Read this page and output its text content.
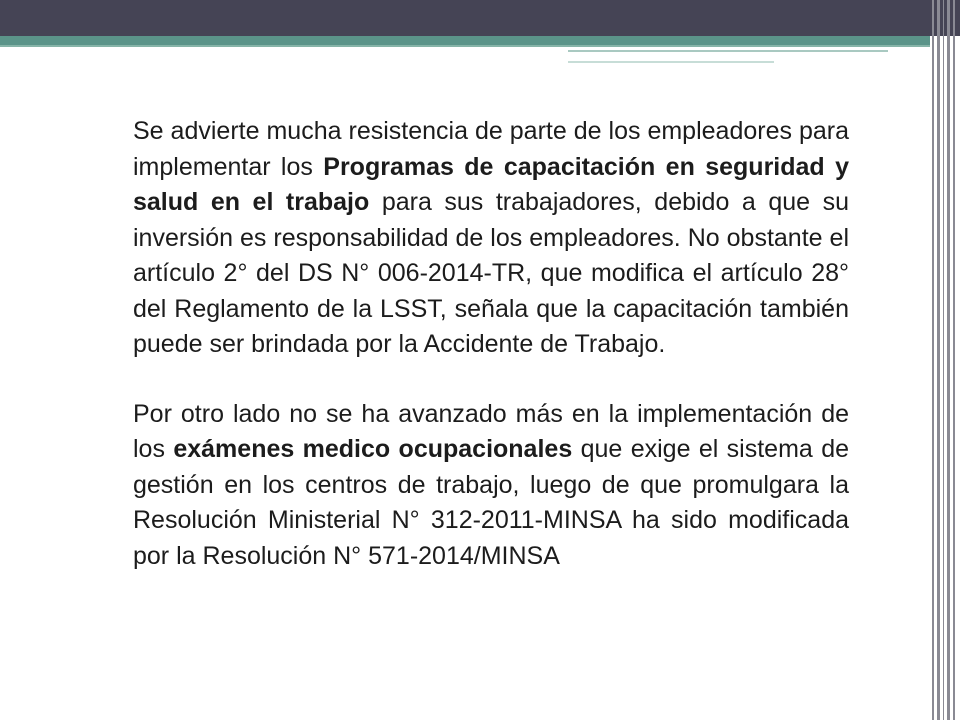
Se advierte mucha resistencia de parte de los empleadores para implementar los Programas de capacitación en seguridad y salud en el trabajo para sus trabajadores, debido a que su inversión es responsabilidad de los empleadores. No obstante el artículo 2° del DS N° 006-2014-TR, que modifica el artículo 28° del Reglamento de la LSST, señala que la capacitación también puede ser brindada por la Accidente de Trabajo.

Por otro lado no se ha avanzado más en la implementación de los exámenes medico ocupacionales que exige el sistema de gestión en los centros de trabajo, luego de que promulgara la Resolución Ministerial N° 312-2011-MINSA ha sido modificada por la Resolución N° 571-2014/MINSA
